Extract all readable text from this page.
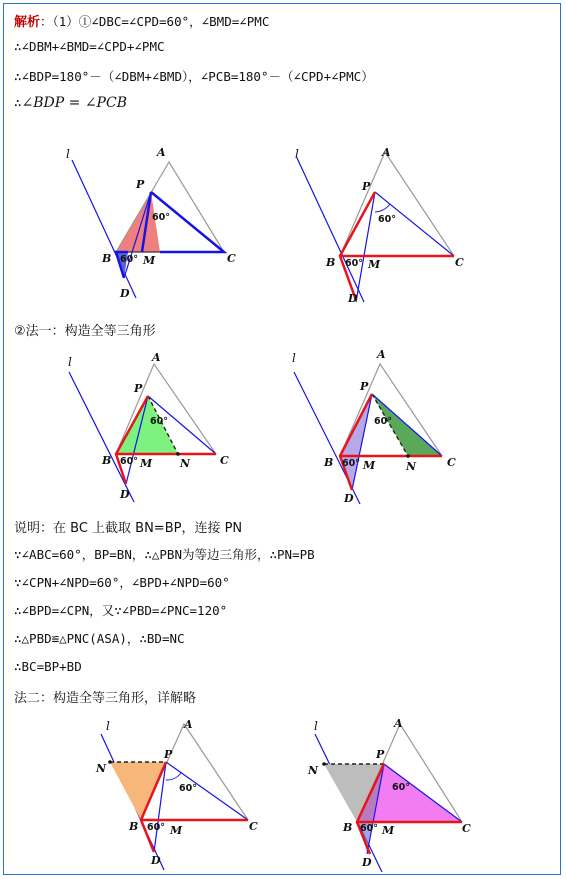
解析：（1）①∠DBC=∠CPD=60°，∠BMD=∠PMC
∴∠DBM+∠BMD=∠CPD+∠PMC
∴∠BDP=180°－（∠DBM+∠BMD），∠PCB=180°－（∠CPD+∠PMC）
∴∠BDP = ∠PCB
l	A
P
B	M	C
D
60°
60°
l	A
P
B	M	C
D
60°
60°
②法一：构造全等三角形
l	A
P
B	M	N	C
D
60°
60°
l	A
P
B	M	N	C
D
60°
60°
说明：在 BC 上截取 BN=BP，连接 PN
∵∠ABC=60°，BP=BN，∴△PBN为等边三角形，∴PN=PB
∵∠CPN+∠NPD=60°，∠BPD+∠NPD=60°
∴∠BPD=∠CPN，又∵∠PBD=∠PNC=120°
∴△PBD≌△PNC(ASA)，∴BD=NC
∴BC=BP+BD
法二：构造全等三角形，详解略
l	A
P
N
B	M	C
D
60°
60°
l	A
P
N
B	M	C
D
60°
60°
